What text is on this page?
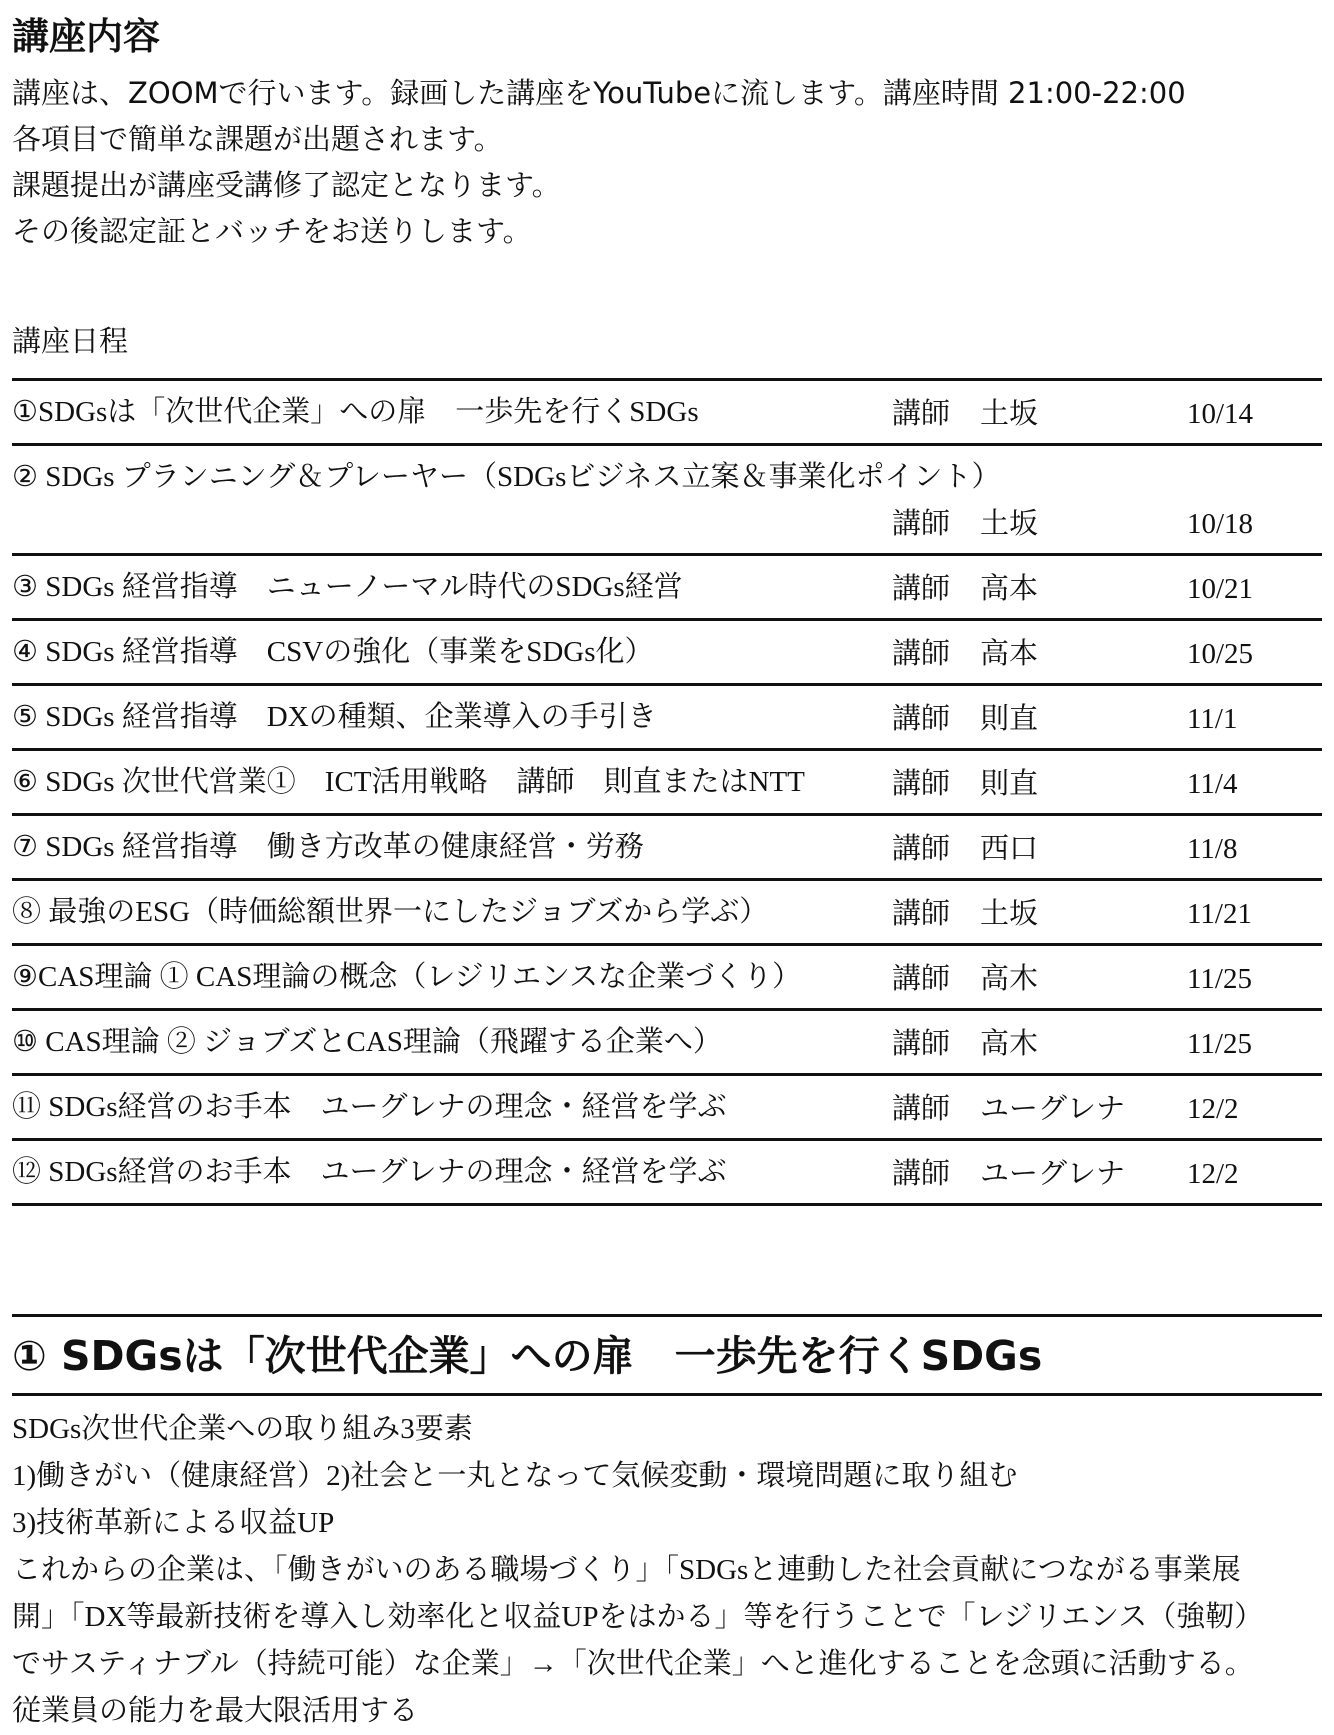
講座内容
講座は、ZOOMで行います。録画した講座をYouTubeに流します。講座時間 21:00-22:00
各項目で簡単な課題が出題されます。
課題提出が講座受講修了認定となります。
その後認定証とバッチをお送りします。
講座日程
①SDGsは「次世代企業」への扉　一歩先を行くSDGs	講師 土坂	10/14
② SDGs プランニング＆プレーヤー（SDGsビジネス立案＆事業化ポイント）
講師 土坂	10/18
③ SDGs 経営指導　ニューノーマル時代のSDGs経営	講師 高本	10/21
④ SDGs 経営指導　CSVの強化（事業をSDGs化）	講師 高本	10/25
⑤ SDGs 経営指導　DXの種類、企業導入の手引き	講師 則直	11/1
⑥ SDGs 次世代営業①　ICT活用戦略　講師　則直またはNTT	講師 則直	11/4
⑦ SDGs 経営指導　働き方改革の健康経営・労務	講師 西口	11/8
⑧ 最強のESG（時価総額世界一にしたジョブズから学ぶ）	講師 土坂	11/21
⑨CAS理論 ① CAS理論の概念（レジリエンスな企業づくり）	講師 高木	11/25
⑩ CAS理論 ② ジョブズとCAS理論（飛躍する企業へ）	講師 高木	11/25
⑪ SDGs経営のお手本　ユーグレナの理念・経営を学ぶ	講師 ユーグレナ 12/2
⑫ SDGs経営のお手本　ユーグレナの理念・経営を学ぶ	講師 ユーグレナ 12/2
① SDGsは「次世代企業」への扉　一歩先を行くSDGs
SDGs次世代企業への取り組み3要素
1)働きがい（健康経営）2)社会と一丸となって気候変動・環境問題に取り組む
3)技術革新による収益UP
これからの企業は、「働きがいのある職場づくり」「SDGsと連動した社会貢献につながる事業展
開」「DX等最新技術を導入し効率化と収益UPをはかる」等を行うことで「レジリエンス（強靭）
でサスティナブル（持続可能）な企業」→「次世代企業」へと進化することを念頭に活動する。
従業員の能力を最大限活用する
